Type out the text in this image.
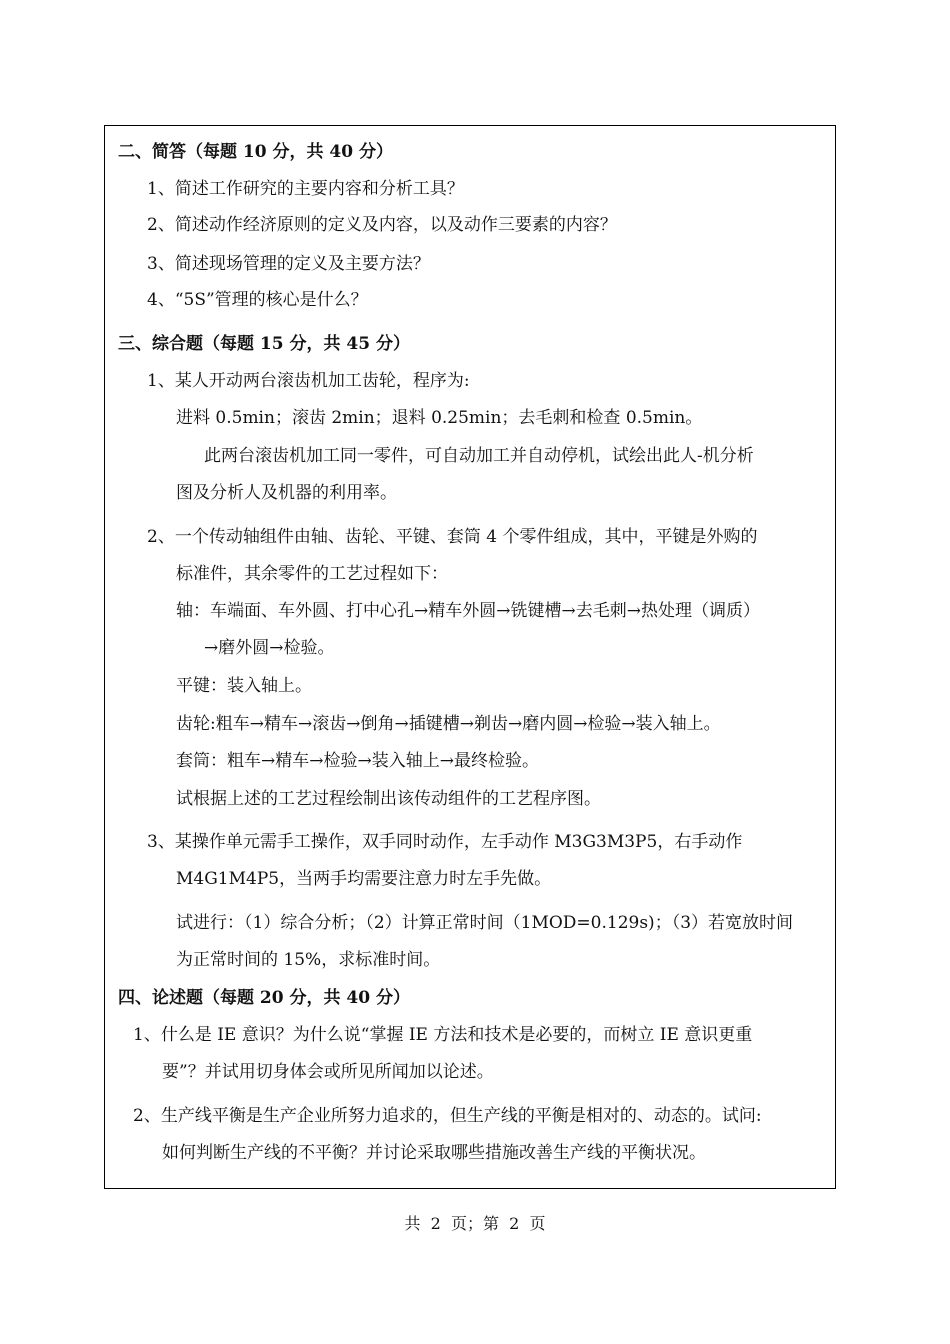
二、简答（每题 10 分，共 40 分）
1、简述工作研究的主要内容和分析工具？
2、简述动作经济原则的定义及内容，以及动作三要素的内容？
3、简述现场管理的定义及主要方法？
4、“5S”管理的核心是什么？
三、综合题（每题 15 分，共 45 分）
1、某人开动两台滚齿机加工齿轮，程序为:
进料 0.5min；滚齿 2min；退料 0.25min；去毛刺和检查 0.5min。
此两台滚齿机加工同一零件，可自动加工并自动停机，试绘出此人-机分析
图及分析人及机器的利用率。
2、一个传动轴组件由轴、齿轮、平键、套筒 4 个零件组成，其中，平键是外购的
标准件，其余零件的工艺过程如下：
轴：车端面、车外圆、打中心孔→精车外圆→铣键槽→去毛刺→热处理（调质）
→磨外圆→检验。
平键：装入轴上。
齿轮:粗车→精车→滚齿→倒角→插键槽→剃齿→磨内圆→检验→装入轴上。
套筒：粗车→精车→检验→装入轴上→最终检验。
试根据上述的工艺过程绘制出该传动组件的工艺程序图。
3、某操作单元需手工操作，双手同时动作，左手动作 M3G3M3P5，右手动作
M4G1M4P5，当两手均需要注意力时左手先做。
试进行：（1）综合分析；（2）计算正常时间（1MOD=0.129s)；（3）若宽放时间
为正常时间的 15%，求标准时间。
四、论述题（每题 20 分，共 40 分）
1、什么是 IE 意识？为什么说“掌握 IE 方法和技术是必要的，而树立 IE 意识更重
要”？并试用切身体会或所见所闻加以论述。
2、生产线平衡是生产企业所努力追求的，但生产线的平衡是相对的、动态的。试问:
如何判断生产线的不平衡？并讨论采取哪些措施改善生产线的平衡状况。
共  2  页；第  2  页
